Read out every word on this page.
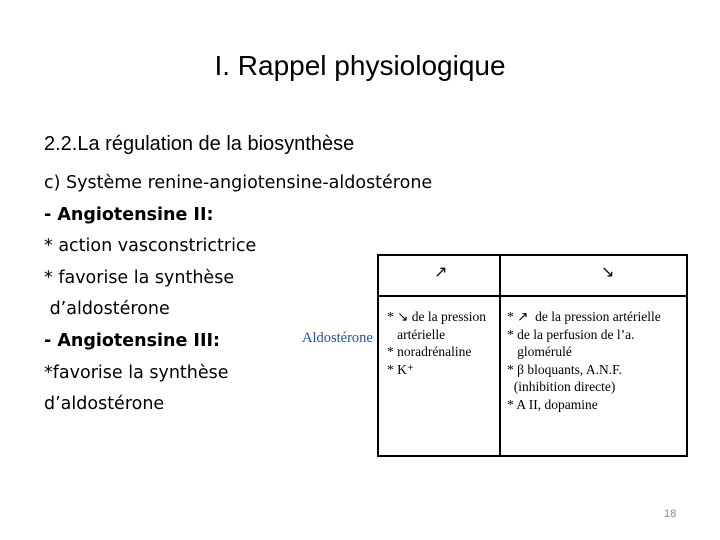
I. Rappel physiologique
2.2.La régulation de la biosynthèse
c) Système renine-angiotensine-aldostérone
- Angiotensine II:
* action vasconstrictrice
* favorise la synthèse
d’aldostérone
- Angiotensine III:
*favorise la synthèse
d’aldostérone
Aldostérone
↗	↘
* ↘ de la pression
artérielle
* noradrénaline
* K⁺
* ↗  de la pression artérielle
* de la perfusion de l’a.
glomérulé
* β bloquants, A.N.F.
(inhibition directe)
* A II, dopamine
18
